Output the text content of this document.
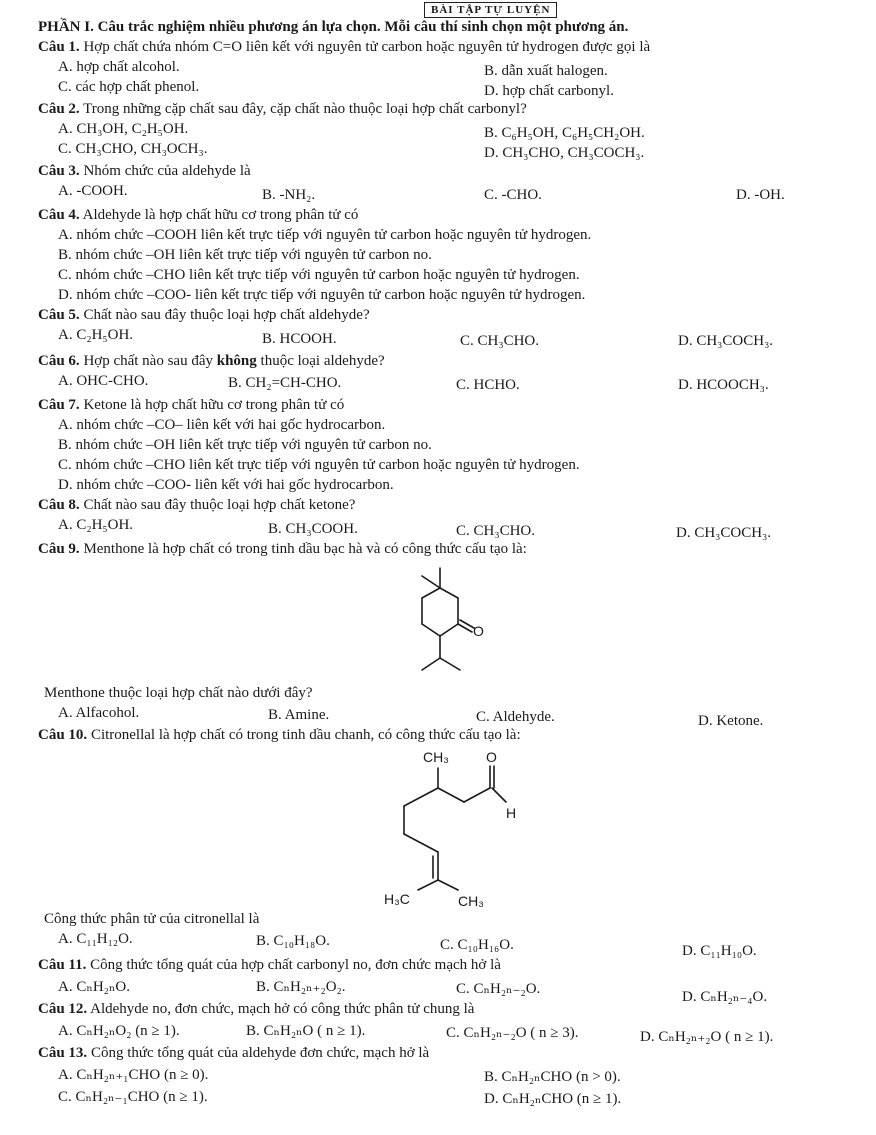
BÀI TẬP TỰ LUYỆN
PHẦN I. Câu trắc nghiệm nhiều phương án lựa chọn. Mỗi câu thí sinh chọn một phương án.
Câu 1. Hợp chất chứa nhóm C=O liên kết với nguyên tử carbon hoặc nguyên tử hydrogen được gọi là
A. hợp chất alcohol.	B. dẫn xuất halogen.
C. các hợp chất phenol.	D. hợp chất carbonyl.
Câu 2. Trong những cặp chất sau đây, cặp chất nào thuộc loại hợp chất carbonyl?
A. CH₃OH, C₂H₅OH.	B. C₆H₅OH, C₆H₅CH₂OH.
C. CH₃CHO, CH₃OCH₃.	D. CH₃CHO, CH₃COCH₃.
Câu 3. Nhóm chức của aldehyde là
A. -COOH.	B. -NH₂.	C. -CHO.	D. -OH.
Câu 4. Aldehyde là hợp chất hữu cơ trong phân tử có
A. nhóm chức –COOH liên kết trực tiếp với nguyên tử carbon hoặc nguyên tử hydrogen.
B. nhóm chức –OH liên kết trực tiếp với nguyên tử carbon no.
C. nhóm chức –CHO liên kết trực tiếp với nguyên tử carbon hoặc nguyên tử hydrogen.
D. nhóm chức –COO- liên kết trực tiếp với nguyên tử carbon hoặc nguyên tử hydrogen.
Câu 5. Chất nào sau đây thuộc loại hợp chất aldehyde?
A. C₂H₅OH.	B. HCOOH.	C. CH₃CHO.	D. CH₃COCH₃.
Câu 6. Hợp chất nào sau đây không thuộc loại aldehyde?
A. OHC-CHO.	B. CH₂=CH-CHO.	C. HCHO.	D. HCOOCH₃.
Câu 7. Ketone là hợp chất hữu cơ trong phân tử có
A. nhóm chức –CO– liên kết với hai gốc hydrocarbon.
B. nhóm chức –OH liên kết trực tiếp với nguyên tử carbon no.
C. nhóm chức –CHO liên kết trực tiếp với nguyên tử carbon hoặc nguyên tử hydrogen.
D. nhóm chức –COO- liên kết với hai gốc hydrocarbon.
Câu 8. Chất nào sau đây thuộc loại hợp chất ketone?
A. C₂H₅OH.	B. CH₃COOH.	C. CH₃CHO.	D. CH₃COCH₃.
Câu 9. Menthone là hợp chất có trong tinh dầu bạc hà và có công thức cấu tạo là:
O
Menthone thuộc loại hợp chất nào dưới đây?
A. Alfacohol.	B. Amine.	C. Aldehyde.	D. Ketone.
Câu 10. Citronellal là hợp chất có trong tinh dầu chanh, có công thức cấu tạo là:
CH₃	O
H
H₃C	CH₃
Công thức phân tử của citronellal là
A. C₁₁H₁₂O.	B. C₁₀H₁₈O.	C. C₁₀H₁₆O.	D. C₁₁H₁₀O.
Câu 11. Công thức tổng quát của hợp chất carbonyl no, đơn chức mạch hở là
A. CₙH₂ₙO.	B. CₙH₂ₙ₊₂O₂.	C. CₙH₂ₙ₋₂O.	D. CₙH₂ₙ₋₄O.
Câu 12. Aldehyde no, đơn chức, mạch hở có công thức phân tử chung là
A. CₙH₂ₙO₂ (n ≥ 1).	B. CₙH₂ₙO ( n ≥ 1).	C. CₙH₂ₙ₋₂O ( n ≥ 3).	D. CₙH₂ₙ₊₂O ( n ≥ 1).
Câu 13. Công thức tổng quát của aldehyde đơn chức, mạch hở là
A. CₙH₂ₙ₊₁CHO (n ≥ 0).	B. CₙH₂ₙCHO (n > 0).
C. CₙH₂ₙ₋₁CHO (n ≥ 1).	D. CₙH₂ₙCHO (n ≥ 1).
